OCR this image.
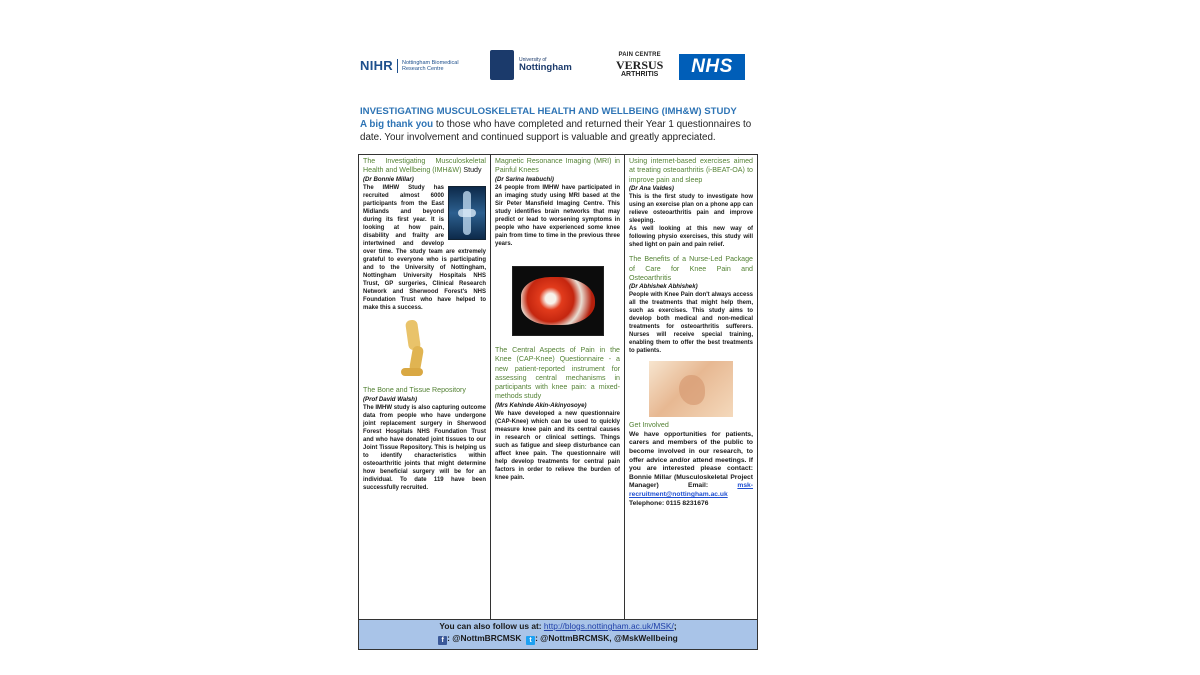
NIHR Nottingham Biomedical
Research Centre
University of
Nottingham
PAIN CENTRE
VERSUS
ARTHRITIS	NHS
INVESTIGATING MUSCULOSKELETAL HEALTH AND WELLBEING (IMH&W) STUDY
A big thank you to those who have completed and returned their Year 1 questionnaires to date. Your involvement and continued support is valuable and greatly appreciated.

The Investigating Musculoskeletal Health and Wellbeing (IMH&W) Study

(Dr Bonnie Millar)

The IMHW Study has recruited almost 6000 participants from the East Midlands and beyond during its first year. It is looking at how pain, disability and frailty are intertwined and develop over time. The study team are extremely grateful to everyone who is participating and to the University of Nottingham, Nottingham University Hospitals NHS Trust, GP surgeries, Clinical Research Network and Sherwood Forest's NHS Foundation Trust who have helped to make this a success.

The Bone and Tissue Repository

(Prof David Walsh)

The IMHW study is also capturing outcome data from people who have undergone joint replacement surgery in Sherwood Forest Hospitals NHS Foundation Trust and who have donated joint tissues to our Joint Tissue Repository. This is helping us to identify characteristics within osteoarthritic joints that might determine how beneficial surgery will be for an individual. To date 119 have been successfully recruited.

Magnetic Resonance Imaging (MRI) in Painful Knees

(Dr Sarina Iwabuchi)

24 people from IMHW have participated in an imaging study using MRI based at the Sir Peter Mansfield Imaging Centre. This study identifies brain networks that may predict or lead to worsening symptoms in people who have experienced some knee pain from time to time in the previous three years.

The Central Aspects of Pain in the Knee (CAP-Knee) Questionnaire - a new patient-reported instrument for assessing central mechanisms in participants with knee pain: a mixed-methods study

(Mrs Kehinde Akin-Akinyosoye)

We have developed a new questionnaire (CAP-Knee) which can be used to quickly measure knee pain and its central causes in research or clinical settings. Things such as fatigue and sleep disturbance can affect knee pain. The questionnaire will help develop treatments for central pain factors in order to relieve the burden of knee pain.

Using internet-based exercises aimed at treating osteoarthritis (i-BEAT-OA) to improve pain and sleep

(Dr Ana Valdes)

This is the first study to investigate how using an exercise plan on a phone app can relieve osteoarthritis pain and improve sleeping.

As well looking at this new way of following physio exercises, this study will shed light on pain and pain relief.

The Benefits of a Nurse-Led Package of Care for Knee Pain and Osteoarthritis

(Dr Abhishek Abhishek)

People with Knee Pain don't always access all the treatments that might help them, such as exercises. This study aims to develop both medical and non-medical treatments for osteoarthritis sufferers. Nurses will receive special training, enabling them to offer the best treatments to patients.

Get Involved

We have opportunities for patients, carers and members of the public to become involved in our research, to offer advice and/or attend meetings. If you are interested please contact: Bonnie Millar (Musculoskeletal Project Manager) Email: msk-recruitment@nottingham.ac.uk

Telephone: 0115 8231676

You can also follow us at: http://blogs.nottingham.ac.uk/MSK/;
f : @NottmBRCMSK t : @NottmBRCMSK, @MskWellbeing
